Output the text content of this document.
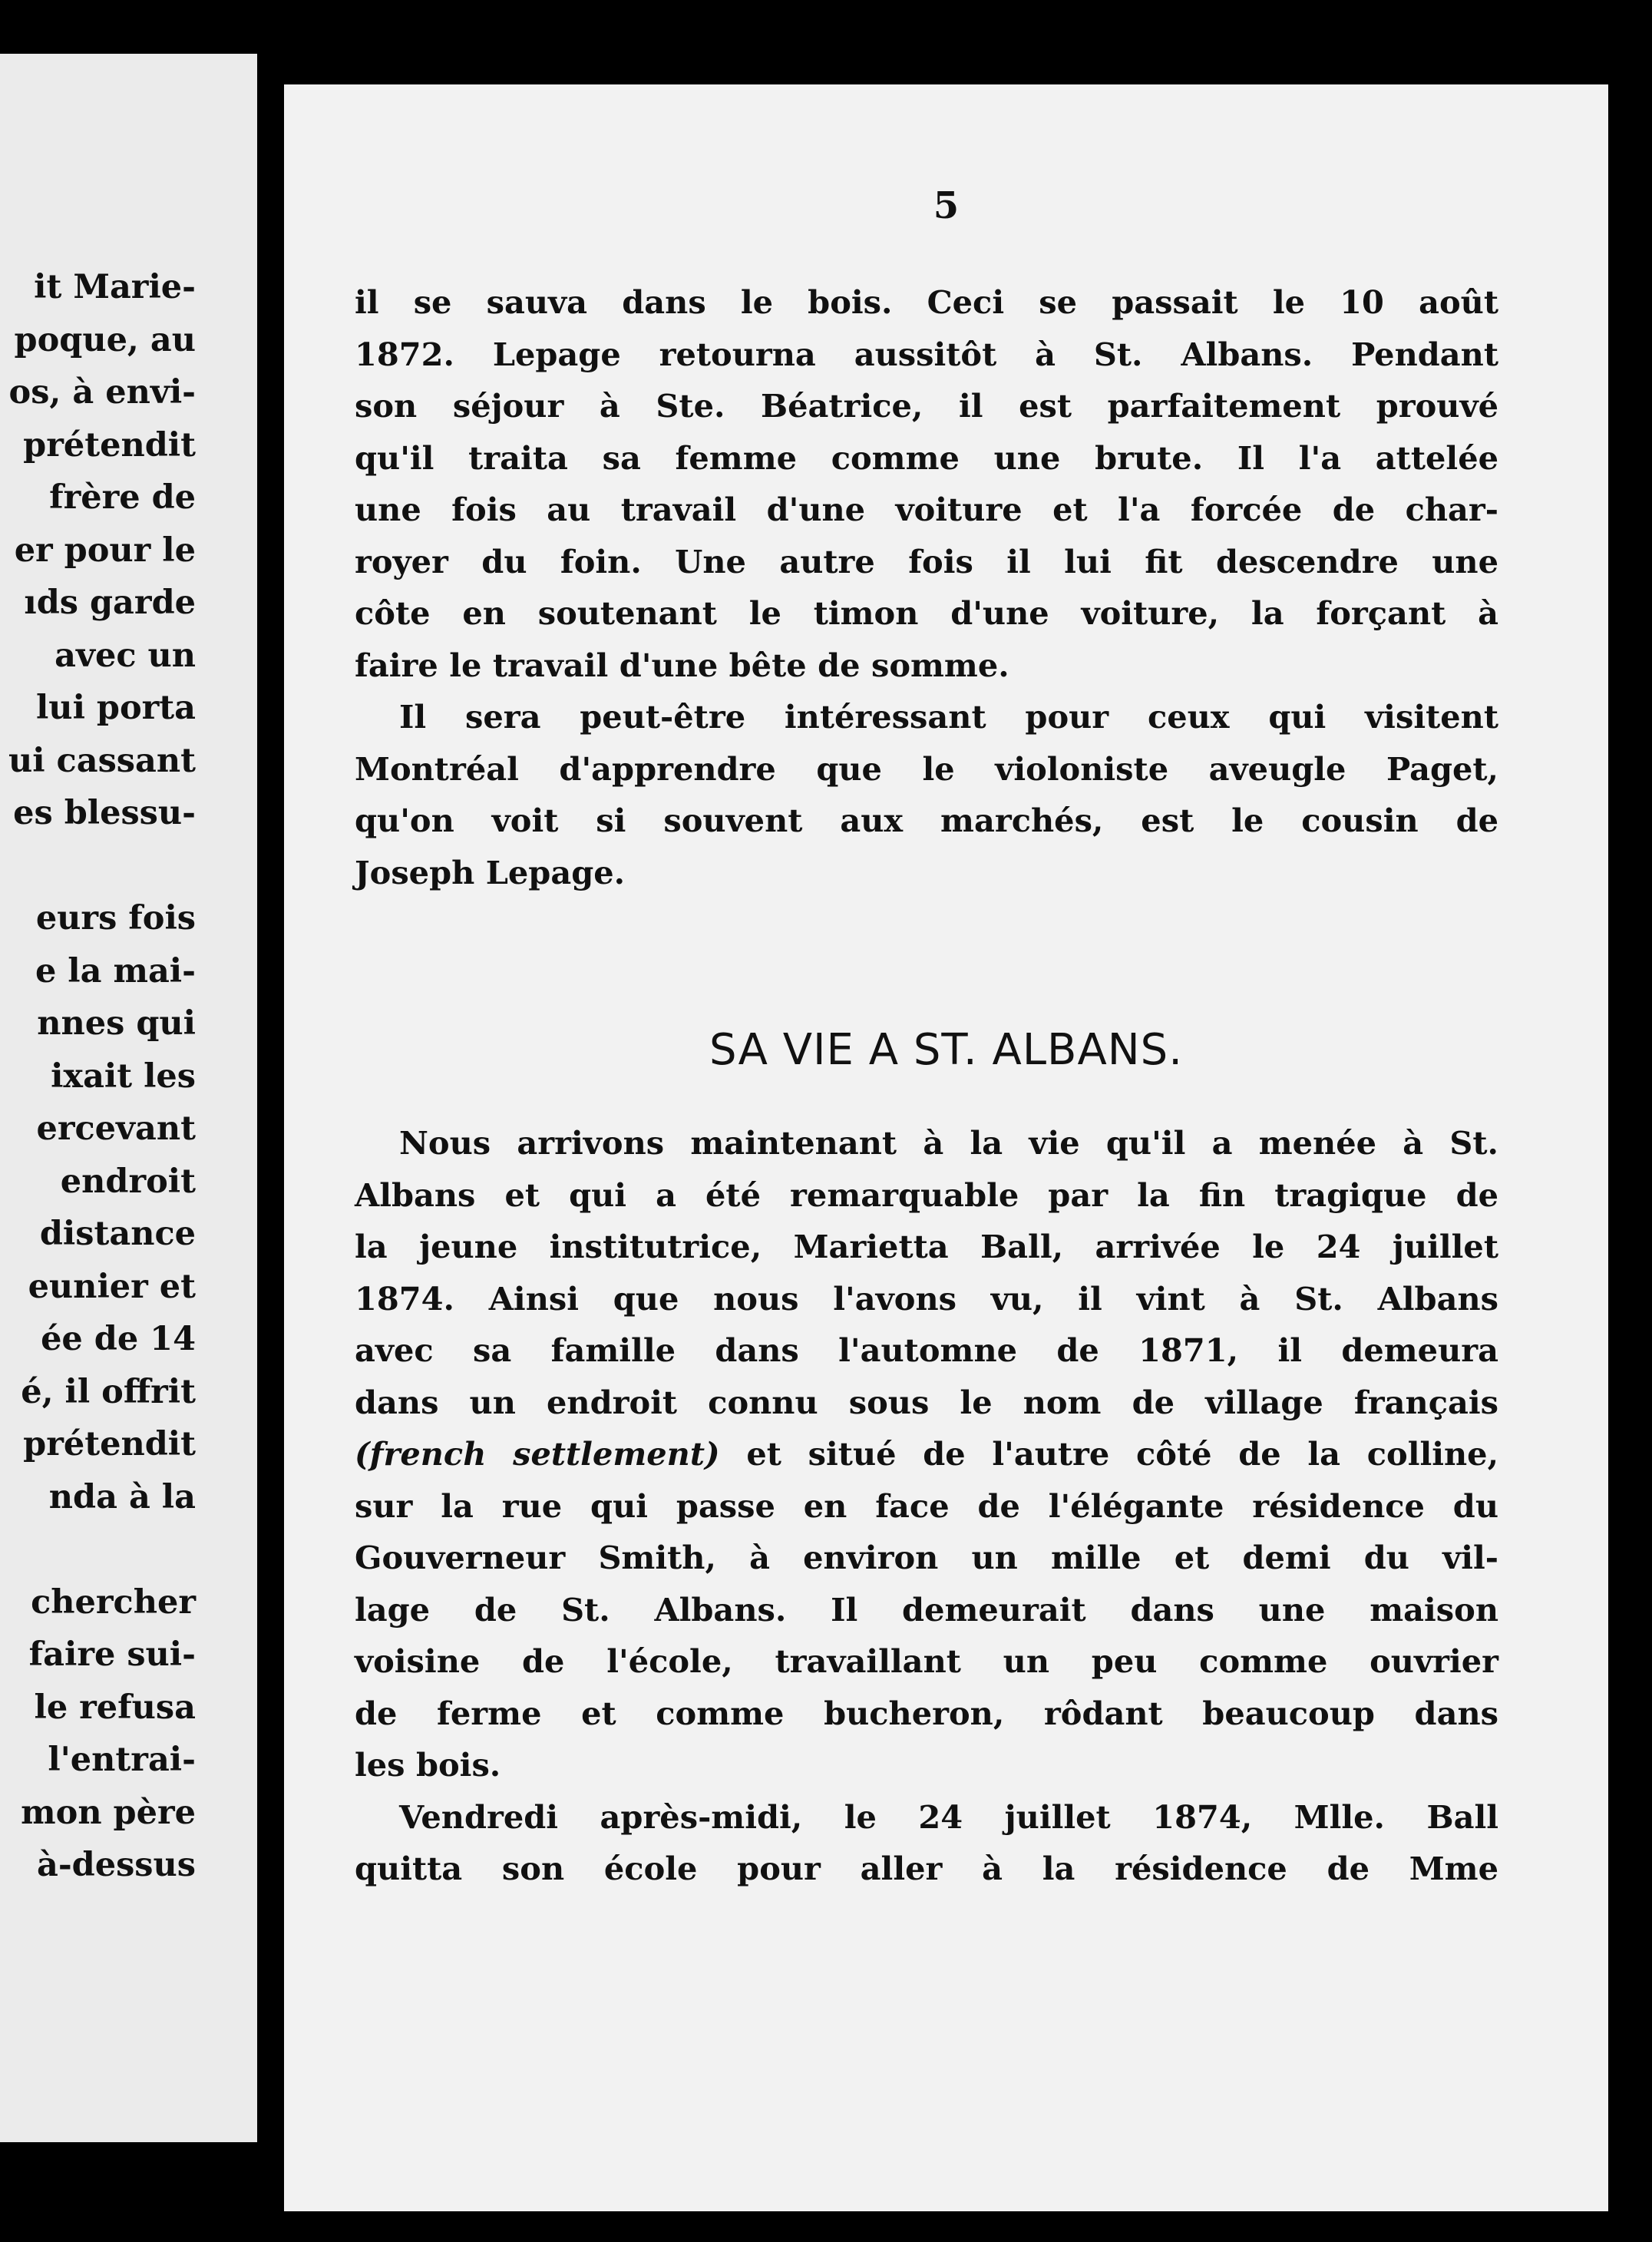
it Marie-
poque, au
os, à envi-
prétendit
frère de
er pour le
ıds garde
avec un
lui porta
ui cassant
es blessu-
eurs fois
e la mai-
nnes qui
ixait les
ercevant
endroit
distance
eunier et
ée de 14
é, il offrit
prétendit
nda à la
chercher
faire sui-
le refusa
l'entrai-
mon père
à-dessus
5
il se sauva dans le bois. Ceci se passait le 10 août
1872. Lepage retourna aussitôt à St. Albans. Pendant
son séjour à Ste. Béatrice, il est parfaitement prouvé
qu'il traita sa femme comme une brute. Il l'a attelée
une fois au travail d'une voiture et l'a forcée de char-
royer du foin. Une autre fois il lui fit descendre une
côte en soutenant le timon d'une voiture, la forçant à
faire le travail d'une bête de somme.
Il sera peut-être intéressant pour ceux qui visitent
Montréal d'apprendre que le violoniste aveugle Paget,
qu'on voit si souvent aux marchés, est le cousin de
Joseph Lepage.
SA VIE A ST. ALBANS.
Nous arrivons maintenant à la vie qu'il a menée à St.
Albans et qui a été remarquable par la fin tragique de
la jeune institutrice, Marietta Ball, arrivée le 24 juillet
1874. Ainsi que nous l'avons vu, il vint à St. Albans
avec sa famille dans l'automne de 1871, il demeura
dans un endroit connu sous le nom de village français
(french settlement) et situé de l'autre côté de la colline,
sur la rue qui passe en face de l'élégante résidence du
Gouverneur Smith, à environ un mille et demi du vil-
lage de St. Albans. Il demeurait dans une maison
voisine de l'école, travaillant un peu comme ouvrier
de ferme et comme bucheron, rôdant beaucoup dans
les bois.
Vendredi après-midi, le 24 juillet 1874, Mlle. Ball
quitta son école pour aller à la résidence de Mme
